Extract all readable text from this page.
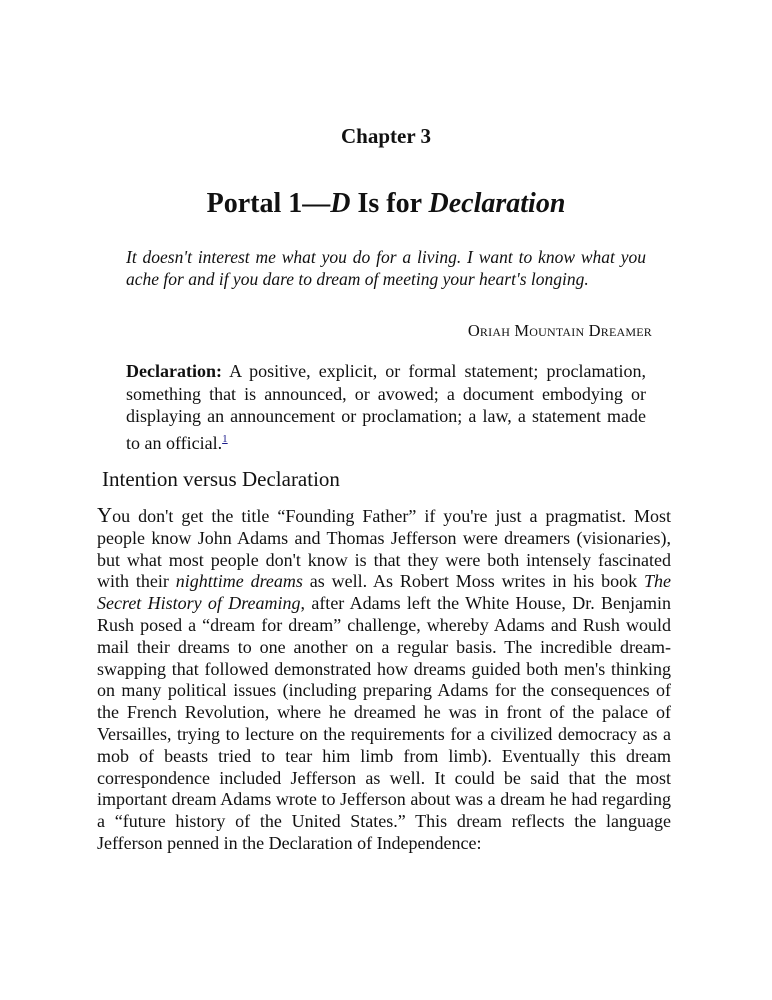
Chapter 3
Portal 1—D Is for Declaration
It doesn't interest me what you do for a living. I want to know what you ache for and if you dare to dream of meeting your heart's longing.
Oriah Mountain Dreamer
Declaration: A positive, explicit, or formal statement; proclamation, something that is announced, or avowed; a document embodying or displaying an announcement or proclamation; a law, a statement made to an official.$^1$
Intention versus Declaration

You don't get the title “Founding Father” if you're just a pragmatist. Most people know John Adams and Thomas Jefferson were dreamers (visionaries), but what most people don't know is that they were both intensely fascinated with their nighttime dreams as well. As Robert Moss writes in his book The Secret History of Dreaming, after Adams left the White House, Dr. Benjamin Rush posed a “dream for dream” challenge, whereby Adams and Rush would mail their dreams to one another on a regular basis. The incredible dream-swapping that followed demonstrated how dreams guided both men's thinking on many political issues (including preparing Adams for the consequences of the French Revolution, where he dreamed he was in front of the palace of Versailles, trying to lecture on the requirements for a civilized democracy as a mob of beasts tried to tear him limb from limb). Eventually this dream correspondence included Jefferson as well. It could be said that the most important dream Adams wrote to Jefferson about was a dream he had regarding a “future history of the United States.” This dream reflects the language Jefferson penned in the Declaration of Independence:
